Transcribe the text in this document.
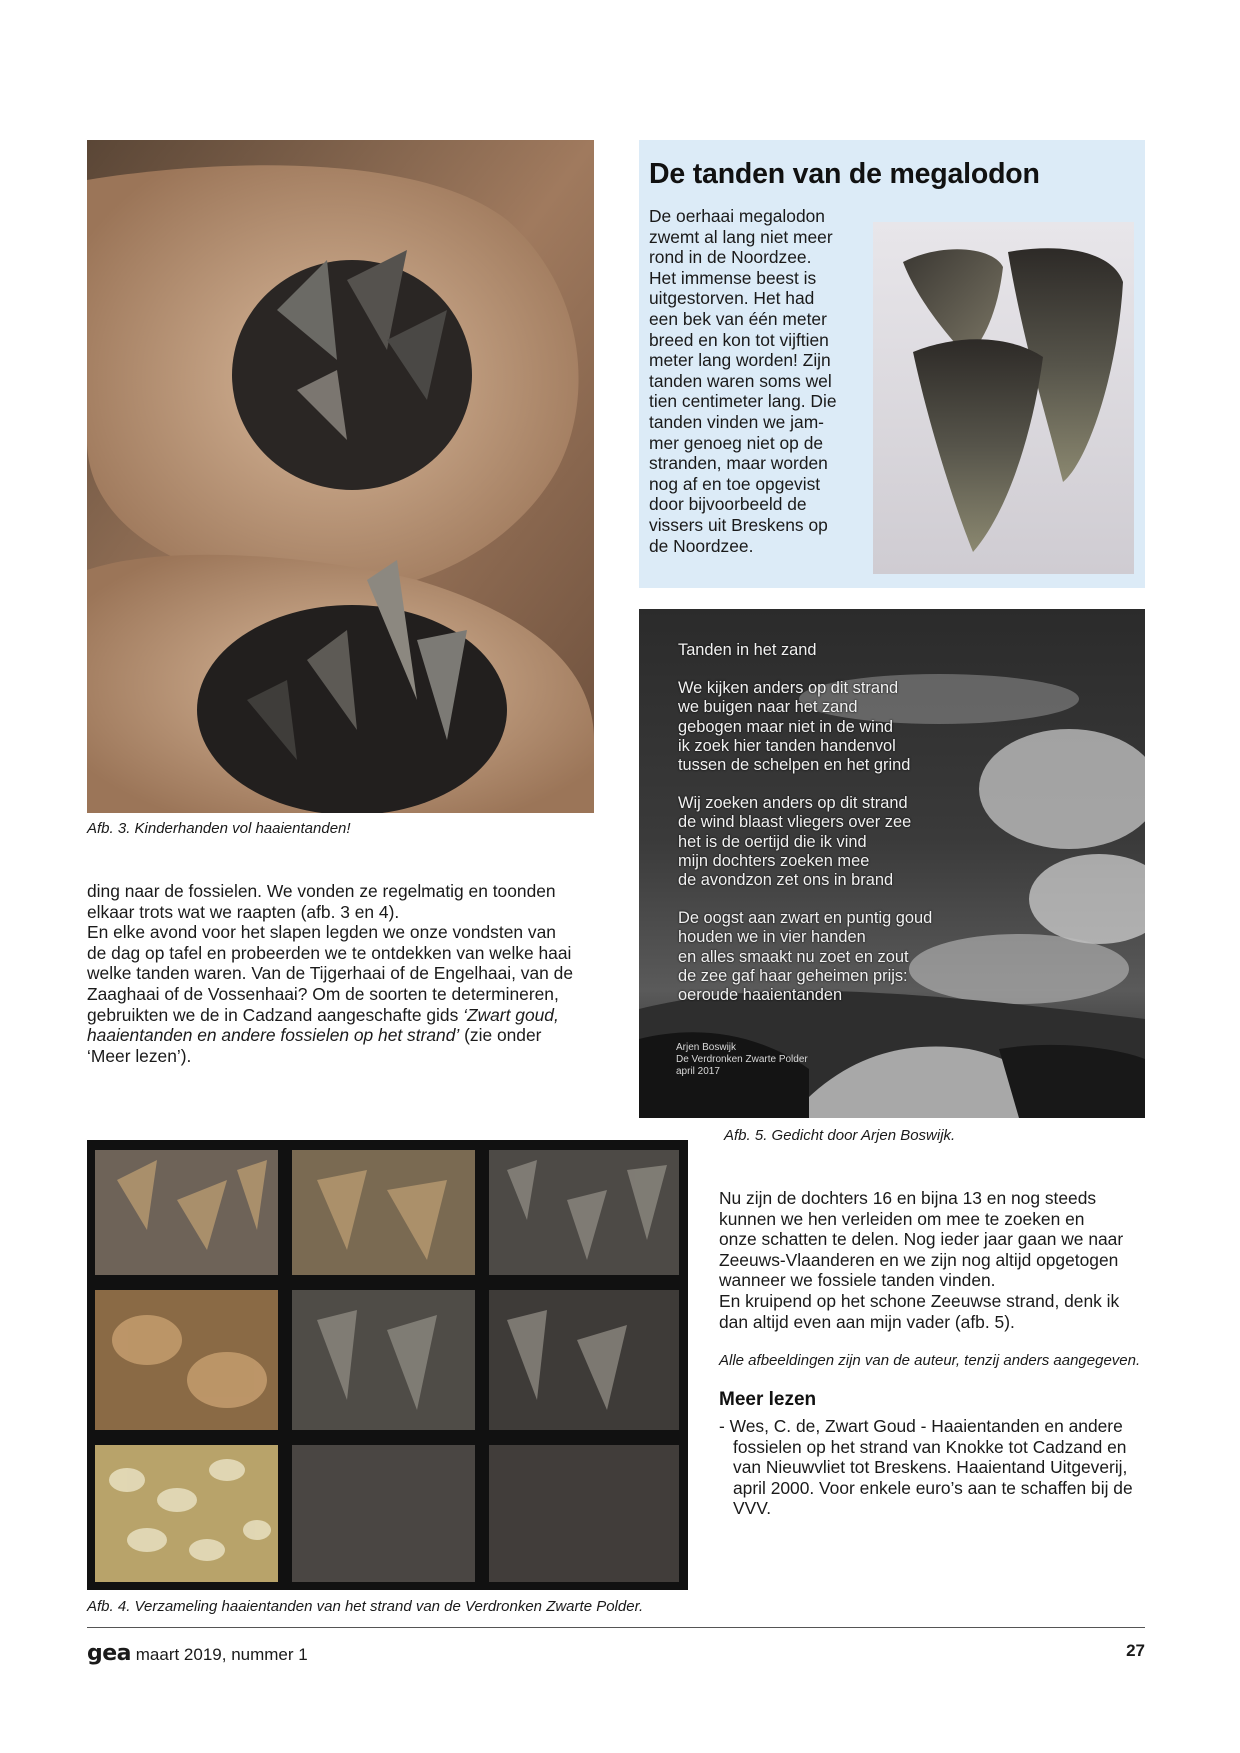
Afb. 3. Kinderhanden vol haaientanden!
De tanden van de megalodon
De oerhaai megalodon
zwemt al lang niet meer
rond in de Noordzee.
Het immense beest is
uitgestorven. Het had
een bek van één meter
breed en kon tot vijftien
meter lang worden! Zijn
tanden waren soms wel
tien centimeter lang. Die
tanden vinden we jam-
mer genoeg niet op de
stranden, maar worden
nog af en toe opgevist
door bijvoorbeeld de
vissers uit Breskens op
de Noordzee.
Tanden in het zand
We kijken anders op dit strand
we buigen naar het zand
gebogen maar niet in de wind
ik zoek hier tanden handenvol
tussen de schelpen en het grind
Wij zoeken anders op dit strand
de wind blaast vliegers over zee
het is de oertijd die ik vind
mijn dochters zoeken mee
de avondzon zet ons in brand
De oogst aan zwart en puntig goud
houden we in vier handen
en alles smaakt nu zoet en zout
de zee gaf haar geheimen prijs:
oeroude haaientanden
Arjen Boswijk
De Verdronken Zwarte Polder
april 2017
Afb. 5. Gedicht door Arjen Boswijk.

ding naar de fossielen. We vonden ze regelmatig en toonden

elkaar trots wat we raapten (afb. 3 en 4).

En elke avond voor het slapen legden we onze vondsten van

de dag op tafel en probeerden we te ontdekken van welke haai

welke tanden waren. Van de Tijgerhaai of de Engelhaai, van de

Zaaghaai of de Vossenhaai? Om de soorten te determineren,

gebruikten we de in Cadzand aangeschafte gids ‘Zwart goud,

haaientanden en andere fossielen op het strand’ (zie onder

‘Meer lezen’).

Afb. 4. Verzameling haaientanden van het strand van de Verdronken Zwarte Polder.

Nu zijn de dochters 16 en bijna 13 en nog steeds

kunnen we hen verleiden om mee te zoeken en

onze schatten te delen. Nog ieder jaar gaan we naar

Zeeuws-Vlaanderen en we zijn nog altijd opgetogen

wanneer we fossiele tanden vinden.

En kruipend op het schone Zeeuwse strand, denk ik

dan altijd even aan mijn vader (afb. 5).

Alle afbeeldingen zijn van de auteur, tenzij anders aangegeven.
Meer lezen

- Wes, C. de, Zwart Goud - Haaientanden en andere

fossielen op het strand van Knokke tot Cadzand en

van Nieuwvliet tot Breskens. Haaientand Uitgeverij,

april 2000. Voor enkele euro’s aan te schaffen bij de

VVV.

gea maart 2019, nummer 1	27
